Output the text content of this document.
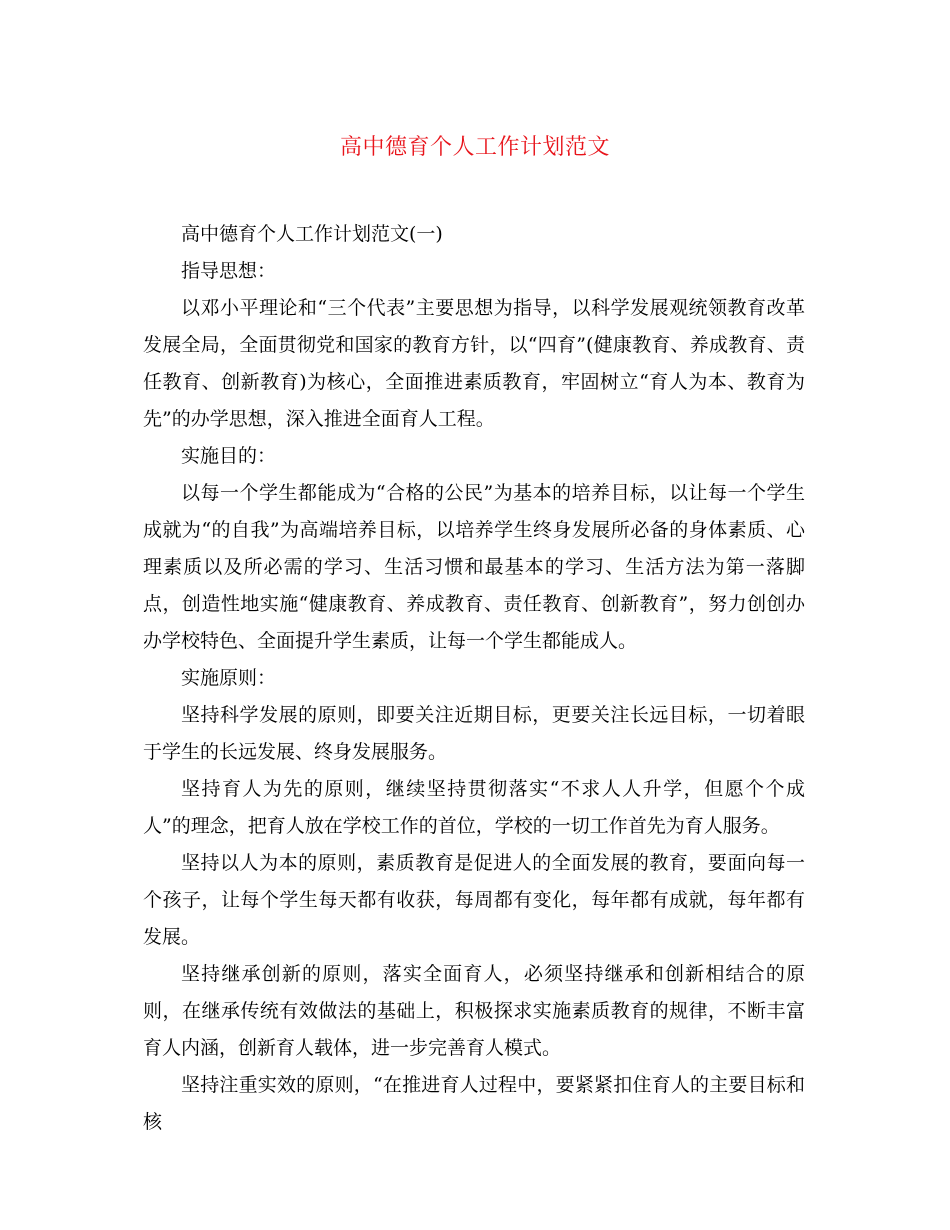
高中德育个人工作计划范文

高中德育个人工作计划范文(一)

指导思想：

以邓小平理论和“三个代表”主要思想为指导，以科学发展观统领教育改革发展全局，全面贯彻党和国家的教育方针，以“四育”(健康教育、养成教育、责任教育、创新教育)为核心，全面推进素质教育，牢固树立“育人为本、教育为先”的办学思想，深入推进全面育人工程。

实施目的：

以每一个学生都能成为“合格的公民”为基本的培养目标，以让每一个学生成就为“的自我”为高端培养目标，以培养学生终身发展所必备的身体素质、心理素质以及所必需的学习、生活习惯和最基本的学习、生活方法为第一落脚点，创造性地实施“健康教育、养成教育、责任教育、创新教育”，努力创创办办学校特色、全面提升学生素质，让每一个学生都能成人。

实施原则：

坚持科学发展的原则，即要关注近期目标，更要关注长远目标，一切着眼于学生的长远发展、终身发展服务。

坚持育人为先的原则，继续坚持贯彻落实“不求人人升学，但愿个个成人”的理念，把育人放在学校工作的首位，学校的一切工作首先为育人服务。

坚持以人为本的原则，素质教育是促进人的全面发展的教育，要面向每一个孩子，让每个学生每天都有收获，每周都有变化，每年都有成就，每年都有发展。

坚持继承创新的原则，落实全面育人，必须坚持继承和创新相结合的原则，在继承传统有效做法的基础上，积极探求实施素质教育的规律，不断丰富育人内涵，创新育人载体，进一步完善育人模式。

坚持注重实效的原则，“在推进育人过程中，要紧紧扣住育人的主要目标和核
